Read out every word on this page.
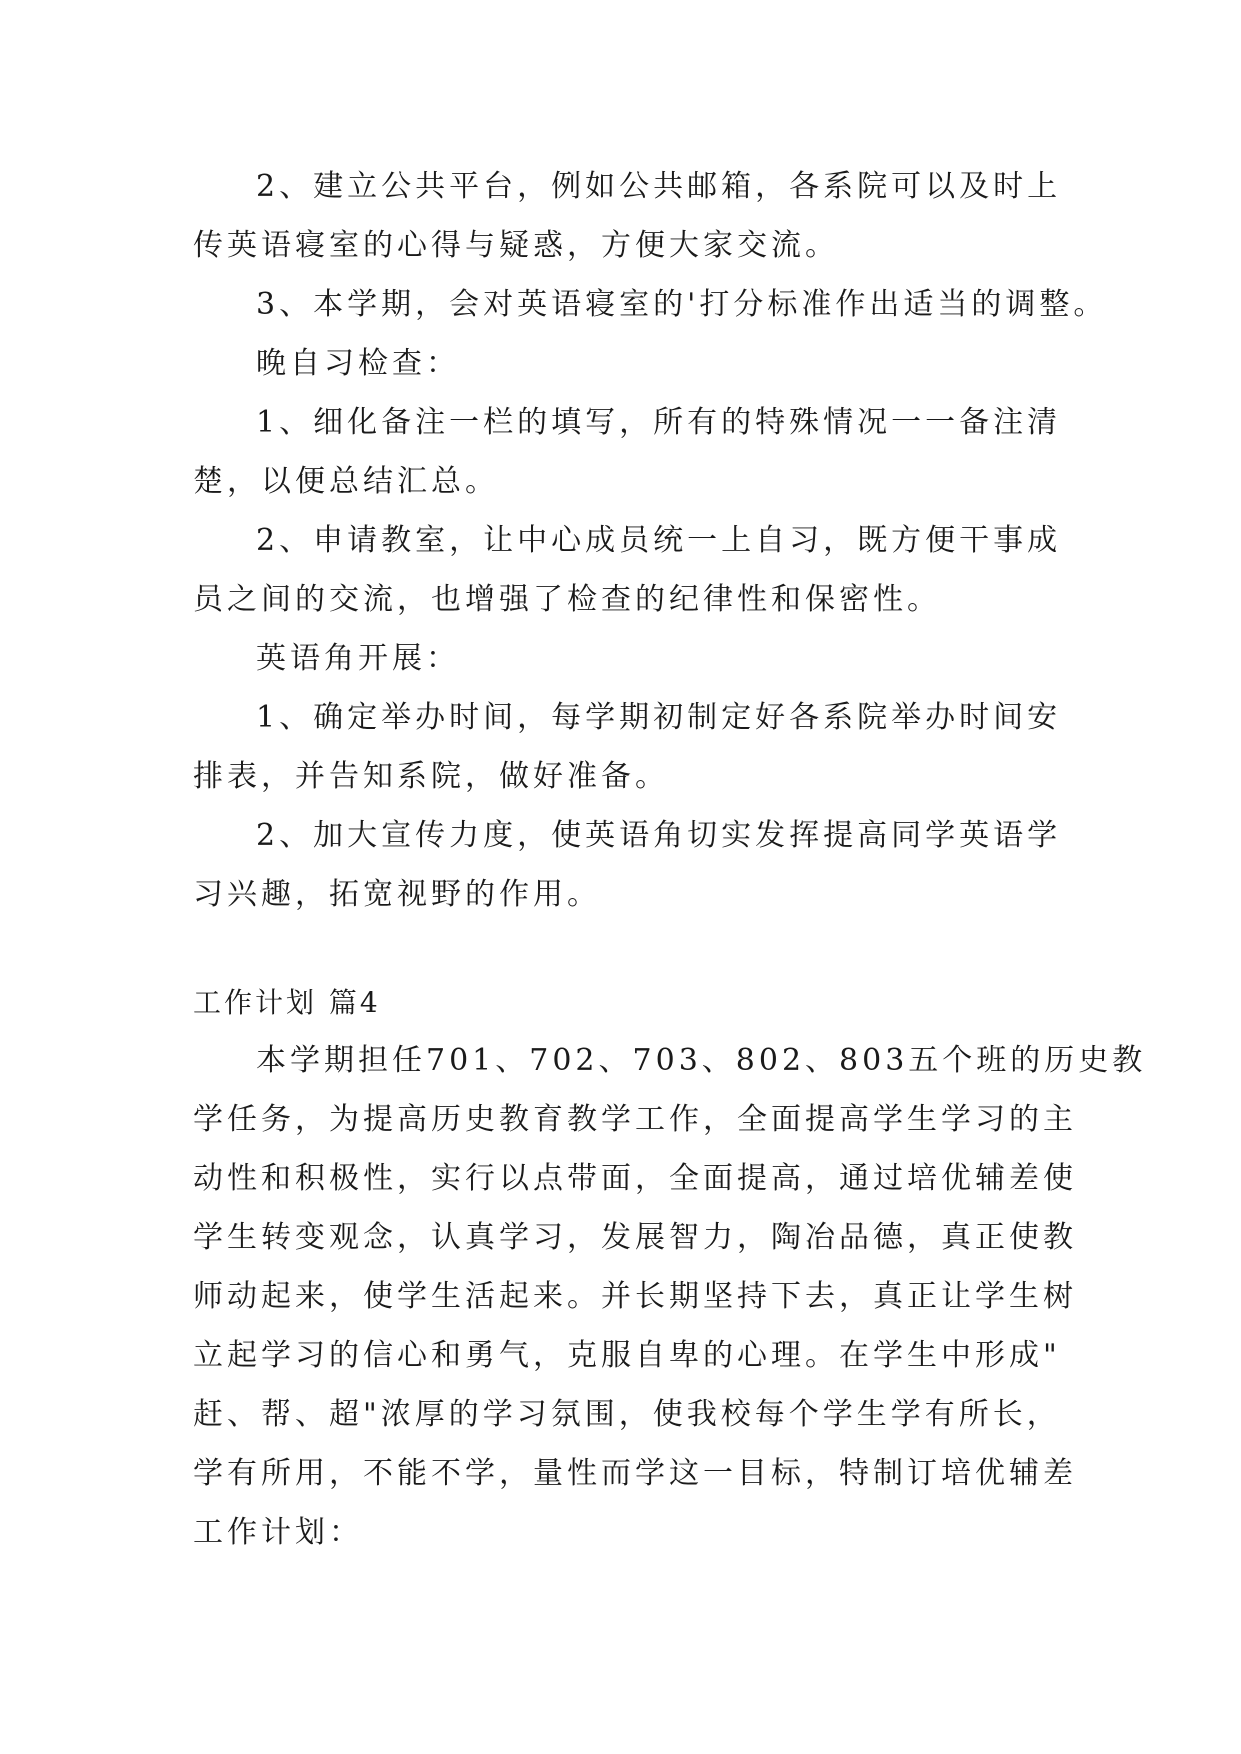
2、建立公共平台，例如公共邮箱，各系院可以及时上
传英语寝室的心得与疑惑，方便大家交流。
3、本学期，会对英语寝室的'打分标准作出适当的调整。
晚自习检查：
1、细化备注一栏的填写，所有的特殊情况一一备注清
楚，以便总结汇总。
2、申请教室，让中心成员统一上自习，既方便干事成
员之间的交流，也增强了检查的纪律性和保密性。
英语角开展：
1、确定举办时间，每学期初制定好各系院举办时间安
排表，并告知系院，做好准备。
2、加大宣传力度，使英语角切实发挥提高同学英语学
习兴趣，拓宽视野的作用。
工作计划 篇4
本学期担任701、702、703、802、803五个班的历史教
学任务，为提高历史教育教学工作，全面提高学生学习的主
动性和积极性，实行以点带面，全面提高，通过培优辅差使
学生转变观念，认真学习，发展智力，陶冶品德，真正使教
师动起来，使学生活起来。并长期坚持下去，真正让学生树
立起学习的信心和勇气，克服自卑的心理。在学生中形成"
赶、帮、超"浓厚的学习氛围，使我校每个学生学有所长，
学有所用，不能不学，量性而学这一目标，特制订培优辅差
工作计划：
